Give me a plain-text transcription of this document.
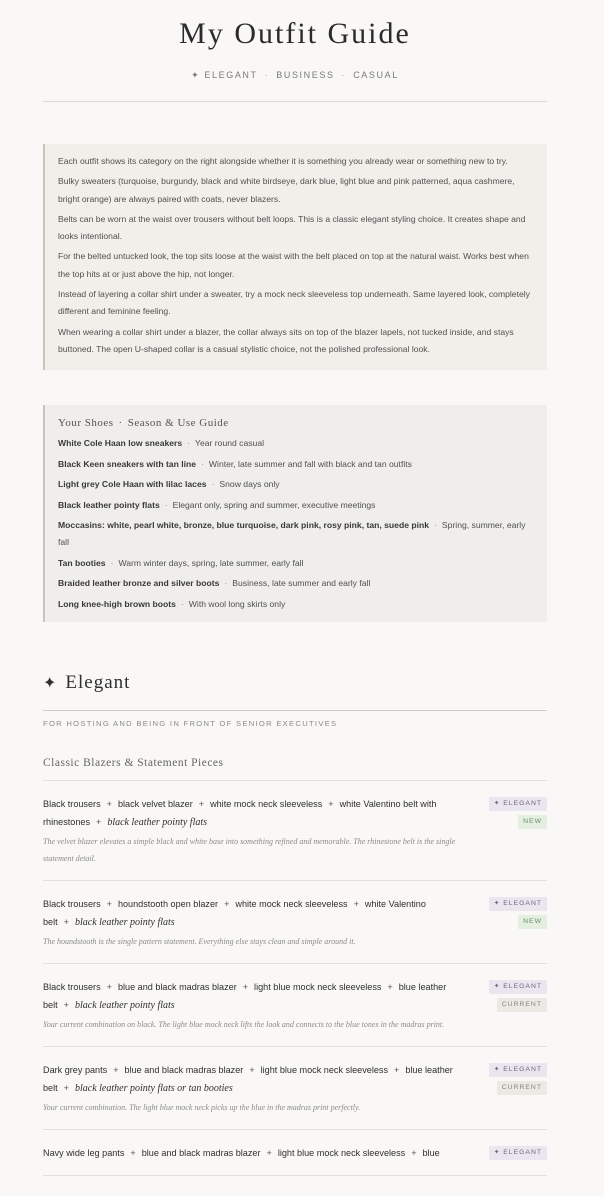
My Outfit Guide
✦ ELEGANT · BUSINESS · CASUAL

Each outfit shows its category on the right alongside whether it is something you already wear or something new to try.

Bulky sweaters (turquoise, burgundy, black and white birdseye, dark blue, light blue and pink patterned, aqua cashmere, bright orange) are always paired with coats, never blazers.

Belts can be worn at the waist over trousers without belt loops. This is a classic elegant styling choice. It creates shape and looks intentional.

For the belted untucked look, the top sits loose at the waist with the belt placed on top at the natural waist. Works best when the top hits at or just above the hip, not longer.

Instead of layering a collar shirt under a sweater, try a mock neck sleeveless top underneath. Same layered look, completely different and feminine feeling.

When wearing a collar shirt under a blazer, the collar always sits on top of the blazer lapels, not tucked inside, and stays buttoned. The open U-shaped collar is a casual stylistic choice, not the polished professional look.

Your Shoes · Season & Use Guide
White Cole Haan low sneakers · Year round casual
Black Keen sneakers with tan line · Winter, late summer and fall with black and tan outfits
Light grey Cole Haan with lilac laces · Snow days only
Black leather pointy flats · Elegant only, spring and summer, executive meetings
Moccasins: white, pearl white, bronze, blue turquoise, dark pink, rosy pink, tan, suede pink · Spring, summer, early fall
Tan booties · Warm winter days, spring, late summer, early fall
Braided leather bronze and silver boots · Business, late summer and early fall
Long knee-high brown boots · With wool long skirts only
✦ Elegant
FOR HOSTING AND BEING IN FRONT OF SENIOR EXECUTIVES
Classic Blazers & Statement Pieces
Black trousers + black velvet blazer + white mock neck sleeveless + white Valentino belt with rhinestones + black leather pointy flats
The velvet blazer elevates a simple black and white base into something refined and memorable. The rhinestone belt is the single statement detail.
✦ ELEGANT
NEW
Black trousers + houndstooth open blazer + white mock neck sleeveless + white Valentino belt + black leather pointy flats
The houndstooth is the single pattern statement. Everything else stays clean and simple around it.
✦ ELEGANT
NEW
Black trousers + blue and black madras blazer + light blue mock neck sleeveless + blue leather belt + black leather pointy flats
Your current combination on black. The light blue mock neck lifts the look and connects to the blue tones in the madras print.
✦ ELEGANT
CURRENT
Dark grey pants + blue and black madras blazer + light blue mock neck sleeveless + blue leather belt + black leather pointy flats or tan booties
Your current combination. The light blue mock neck picks up the blue in the madras print perfectly.
✦ ELEGANT
CURRENT
Navy wide leg pants + blue and black madras blazer + light blue mock neck sleeveless + blue	✦ ELEGANT
